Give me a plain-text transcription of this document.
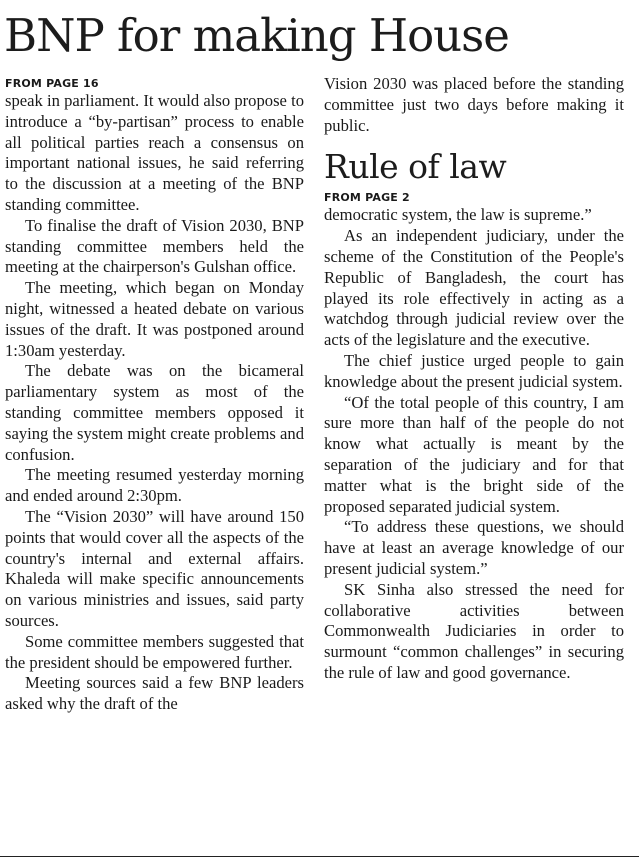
BNP for making House
FROM PAGE 16

speak in parliament. It would also propose to introduce a “by-partisan” process to enable all political parties reach a consensus on important national issues, he said referring to the discussion at a meeting of the BNP standing committee.

To finalise the draft of Vision 2030, BNP standing committee members held the meeting at the chairperson's Gulshan office.

The meeting, which began on Monday night, witnessed a heated debate on various issues of the draft. It was postponed around 1:30am yesterday.

The debate was on the bicameral parliamentary system as most of the standing committee members opposed it saying the system might create problems and confusion.

The meeting resumed yesterday morning and ended around 2:30pm.

The “Vision 2030” will have around 150 points that would cover all the aspects of the country's internal and external affairs. Khaleda will make specific announcements on various ministries and issues, said party sources.

Some committee members suggested that the president should be empowered further.

Meeting sources said a few BNP leaders asked why the draft of the

Vision 2030 was placed before the standing committee just two days before making it public.

Rule of law
FROM PAGE 2

democratic system, the law is supreme.”

As an independent judiciary, under the scheme of the Constitution of the People's Republic of Bangladesh, the court has played its role effectively in acting as a watchdog through judicial review over the acts of the legislature and the executive.

The chief justice urged people to gain knowledge about the present judicial system.

“Of the total people of this country, I am sure more than half of the people do not know what actually is meant by the separation of the judiciary and for that matter what is the bright side of the proposed separated judicial system.

“To address these questions, we should have at least an average knowledge of our present judicial system.”

SK Sinha also stressed the need for collaborative activities between Commonwealth Judiciaries in order to surmount “common challenges” in securing the rule of law and good governance.
